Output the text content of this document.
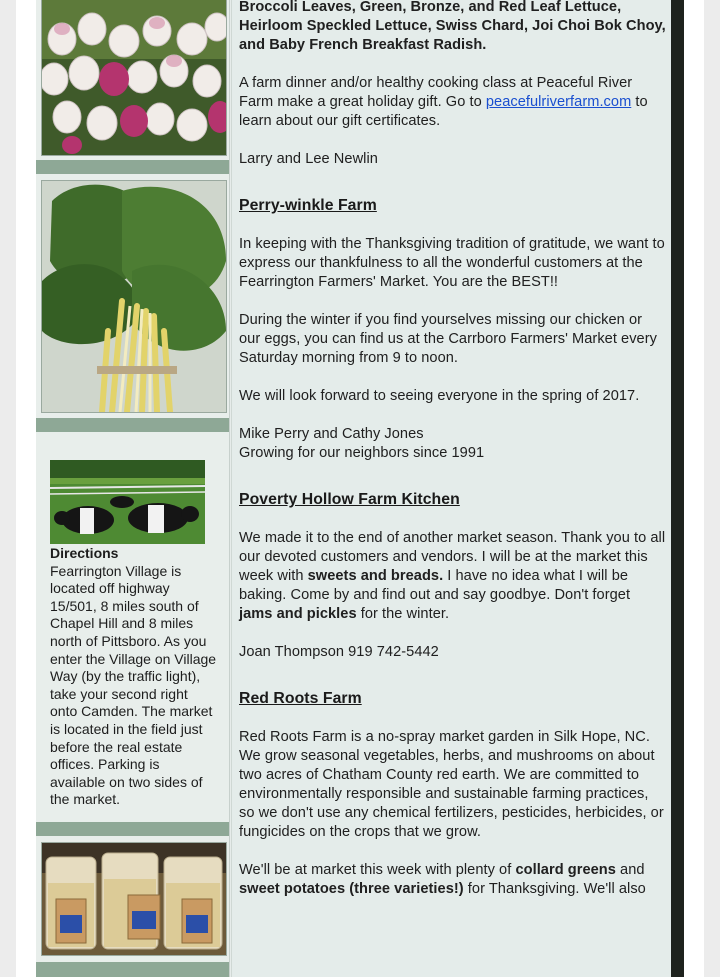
Directions
Fearrington Village is located off highway 15/501, 8 miles south of Chapel Hill and 8 miles north of Pittsboro. As you enter the Village on Village Way (by the traffic light), take your second right onto Camden. The market is located in the field just before the real estate offices. Parking is available on two sides of the market.

Broccoli Leaves, Green, Bronze, and Red Leaf Lettuce, Heirloom Speckled Lettuce, Swiss Chard, Joi Choi Bok Choy, and Baby French Breakfast Radish.

A farm dinner and/or healthy cooking class at Peaceful River Farm make a great holiday gift. Go to peacefulriverfarm.com to learn about our gift certificates.

Larry and Lee Newlin

Perry-winkle Farm

In keeping with the Thanksgiving tradition of gratitude, we want to express our thankfulness to all the wonderful customers at the Fearrington Farmers' Market. You are the BEST!!

During the winter if you find yourselves missing our chicken or our eggs, you can find us at the Carrboro Farmers' Market every Saturday morning from 9 to noon.

We will look forward to seeing everyone in the spring of 2017.

Mike Perry and Cathy Jones
Growing for our neighbors since 1991

Poverty Hollow Farm Kitchen

We made it to the end of another market season. Thank you to all our devoted customers and vendors. I will be at the market this week with sweets and breads. I have no idea what I will be baking. Come by and find out and say goodbye. Don't forget jams and pickles for the winter.

Joan Thompson 919 742-5442

Red Roots Farm

Red Roots Farm is a no-spray market garden in Silk Hope, NC. We grow seasonal vegetables, herbs, and mushrooms on about two acres of Chatham County red earth. We are committed to environmentally responsible and sustainable farming practices, so we don't use any chemical fertilizers, pesticides, herbicides, or fungicides on the crops that we grow.

We'll be at market this week with plenty of collard greens and sweet potatoes (three varieties!) for Thanksgiving. We'll also
